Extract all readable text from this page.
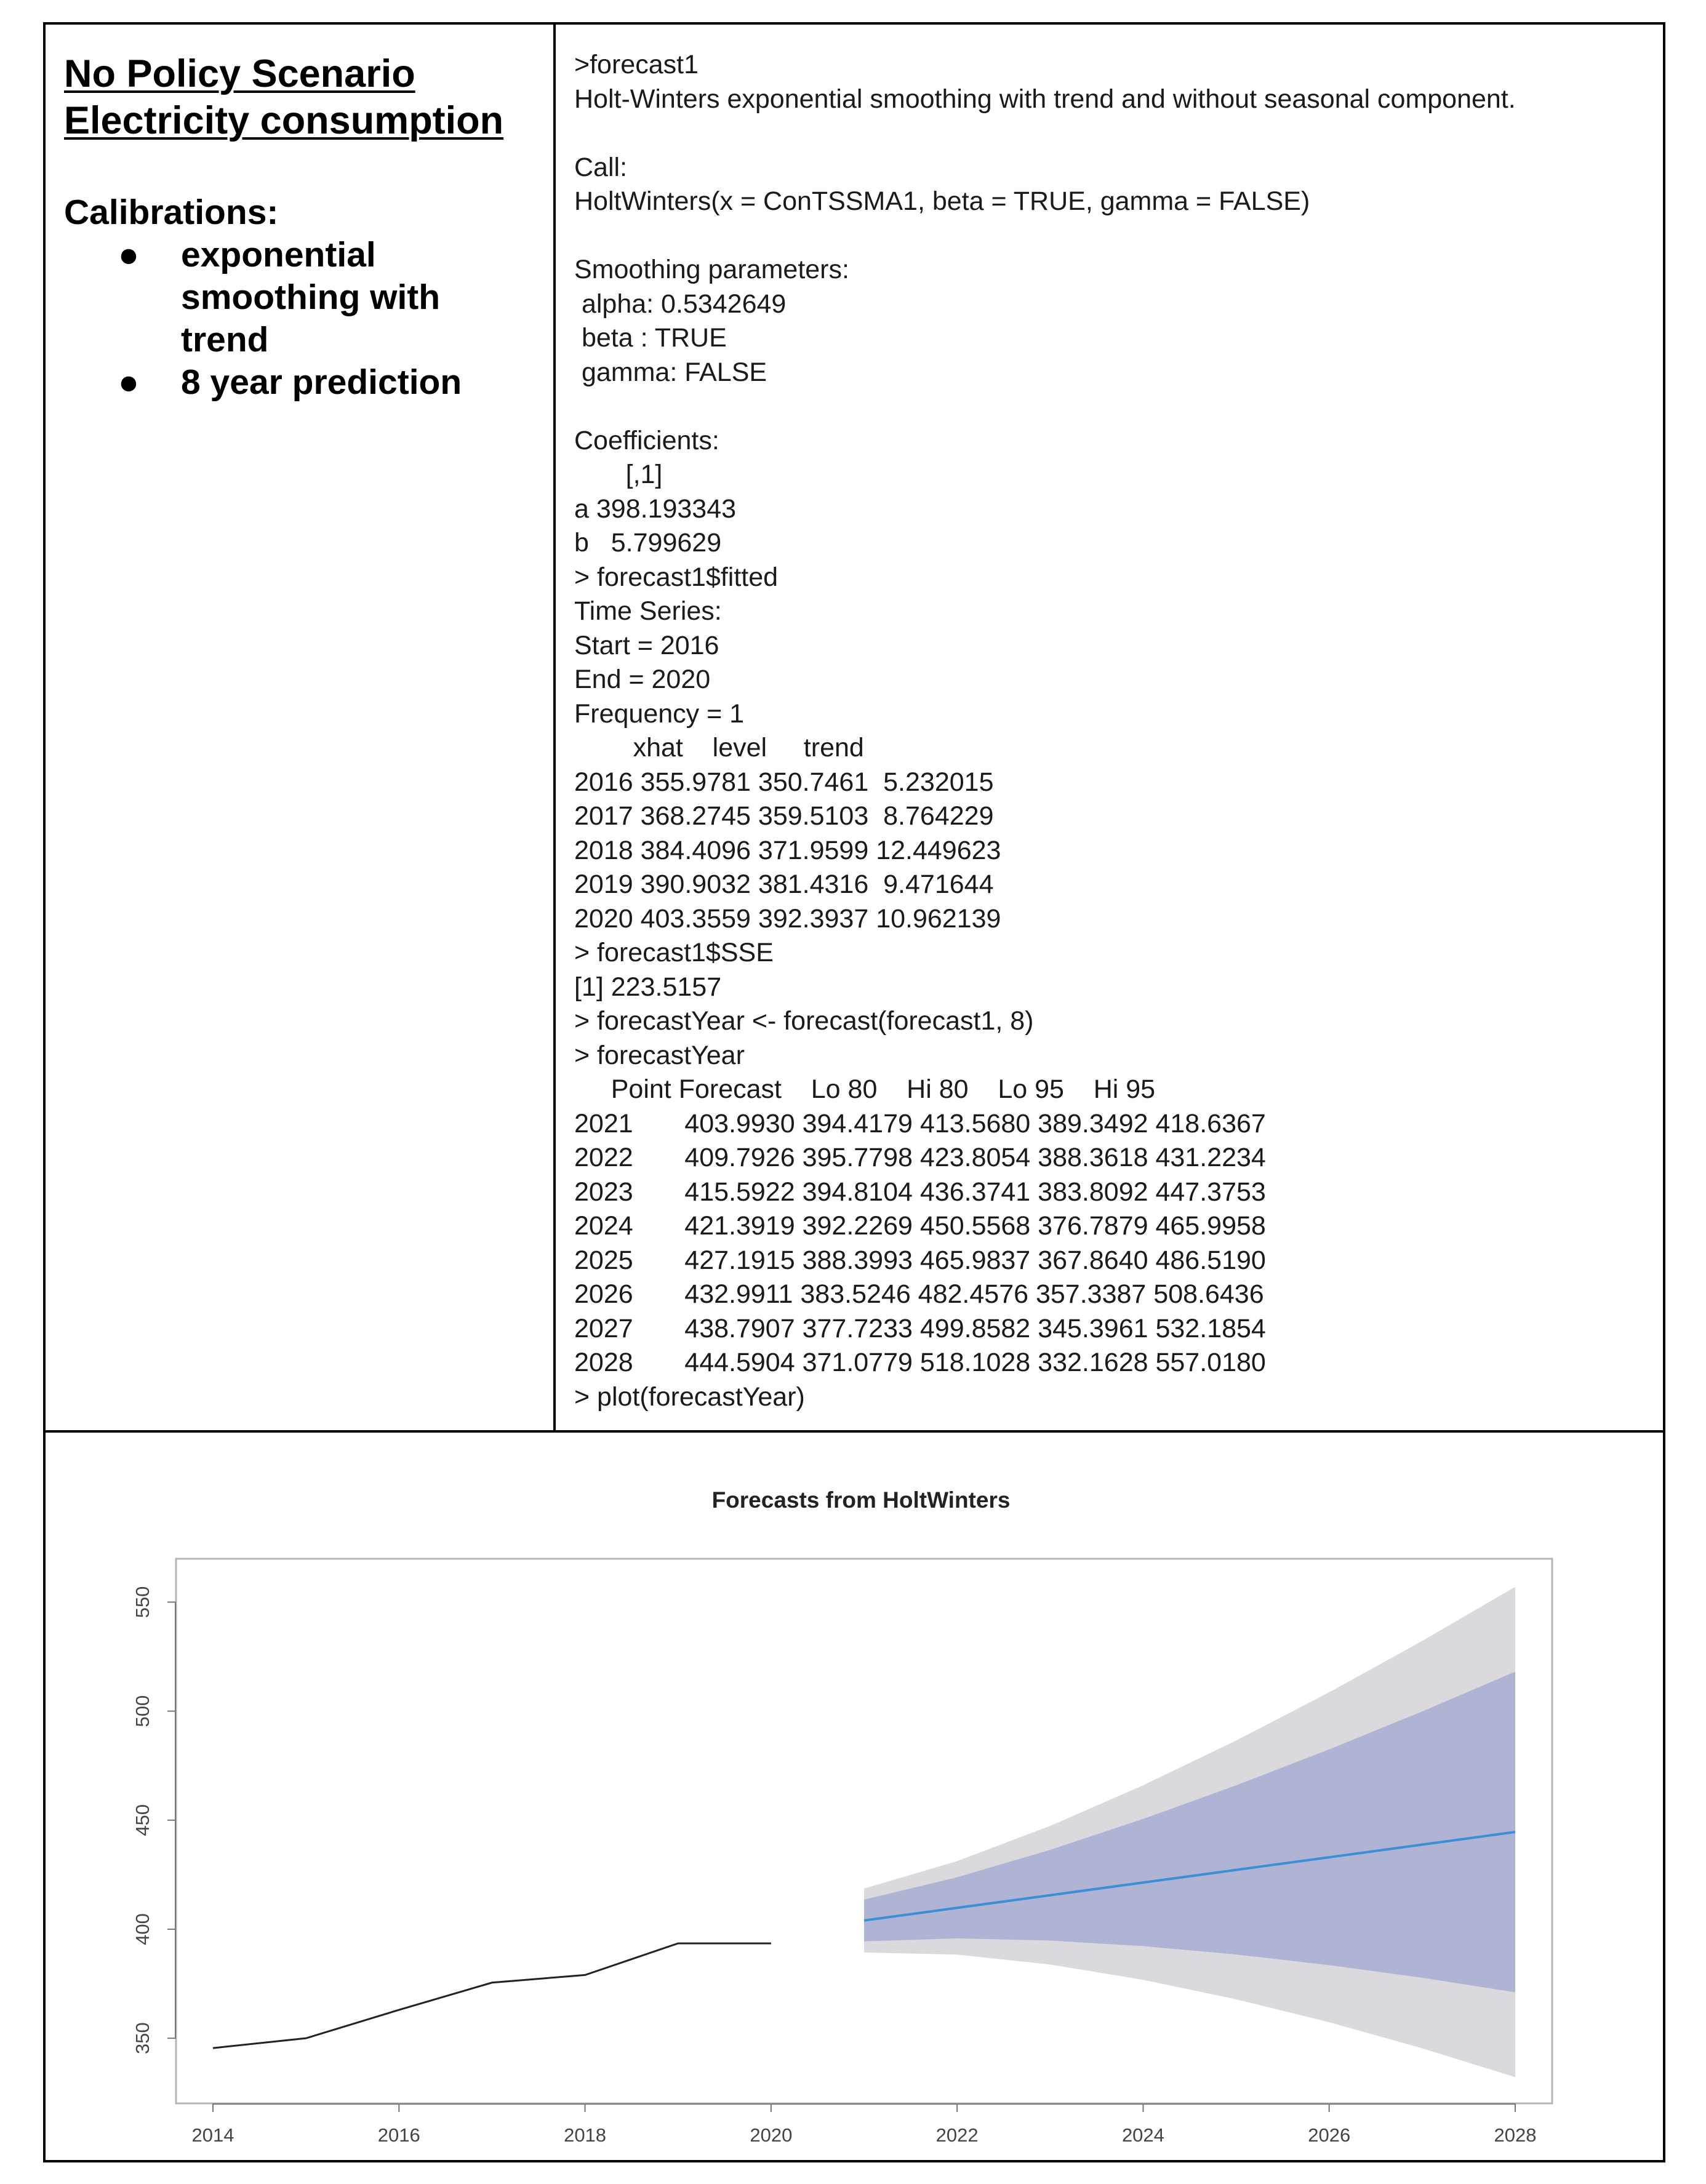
No Policy Scenario
Electricity consumption
Calibrations:
● exponential
smoothing with
trend
● 8 year prediction
>forecast1
Holt-Winters exponential smoothing with trend and without seasonal component.
Call:
HoltWinters(x = ConTSSMA1, beta = TRUE, gamma = FALSE)
Smoothing parameters:
alpha: 0.5342649
beta : TRUE
gamma: FALSE
Coefficients:
[,1]
a 398.193343
b   5.799629
> forecast1$fitted
Time Series:
Start = 2016
End = 2020
Frequency = 1
xhat    level     trend
2016 355.9781 350.7461  5.232015
2017 368.2745 359.5103  8.764229
2018 384.4096 371.9599 12.449623
2019 390.9032 381.4316  9.471644
2020 403.3559 392.3937 10.962139
> forecast1$SSE
[1] 223.5157
> forecastYear <- forecast(forecast1, 8)
> forecastYear
Point Forecast    Lo 80    Hi 80    Lo 95    Hi 95
2021       403.9930 394.4179 413.5680 389.3492 418.6367
2022       409.7926 395.7798 423.8054 388.3618 431.2234
2023       415.5922 394.8104 436.3741 383.8092 447.3753
2024       421.3919 392.2269 450.5568 376.7879 465.9958
2025       427.1915 388.3993 465.9837 367.8640 486.5190
2026       432.9911 383.5246 482.4576 357.3387 508.6436
2027       438.7907 377.7233 499.8582 345.3961 532.1854
2028       444.5904 371.0779 518.1028 332.1628 557.0180
> plot(forecastYear)
2014	2016	2018	2020	2022	2024	2026	2028
350
400
450
500
550
Forecasts from HoltWinters
